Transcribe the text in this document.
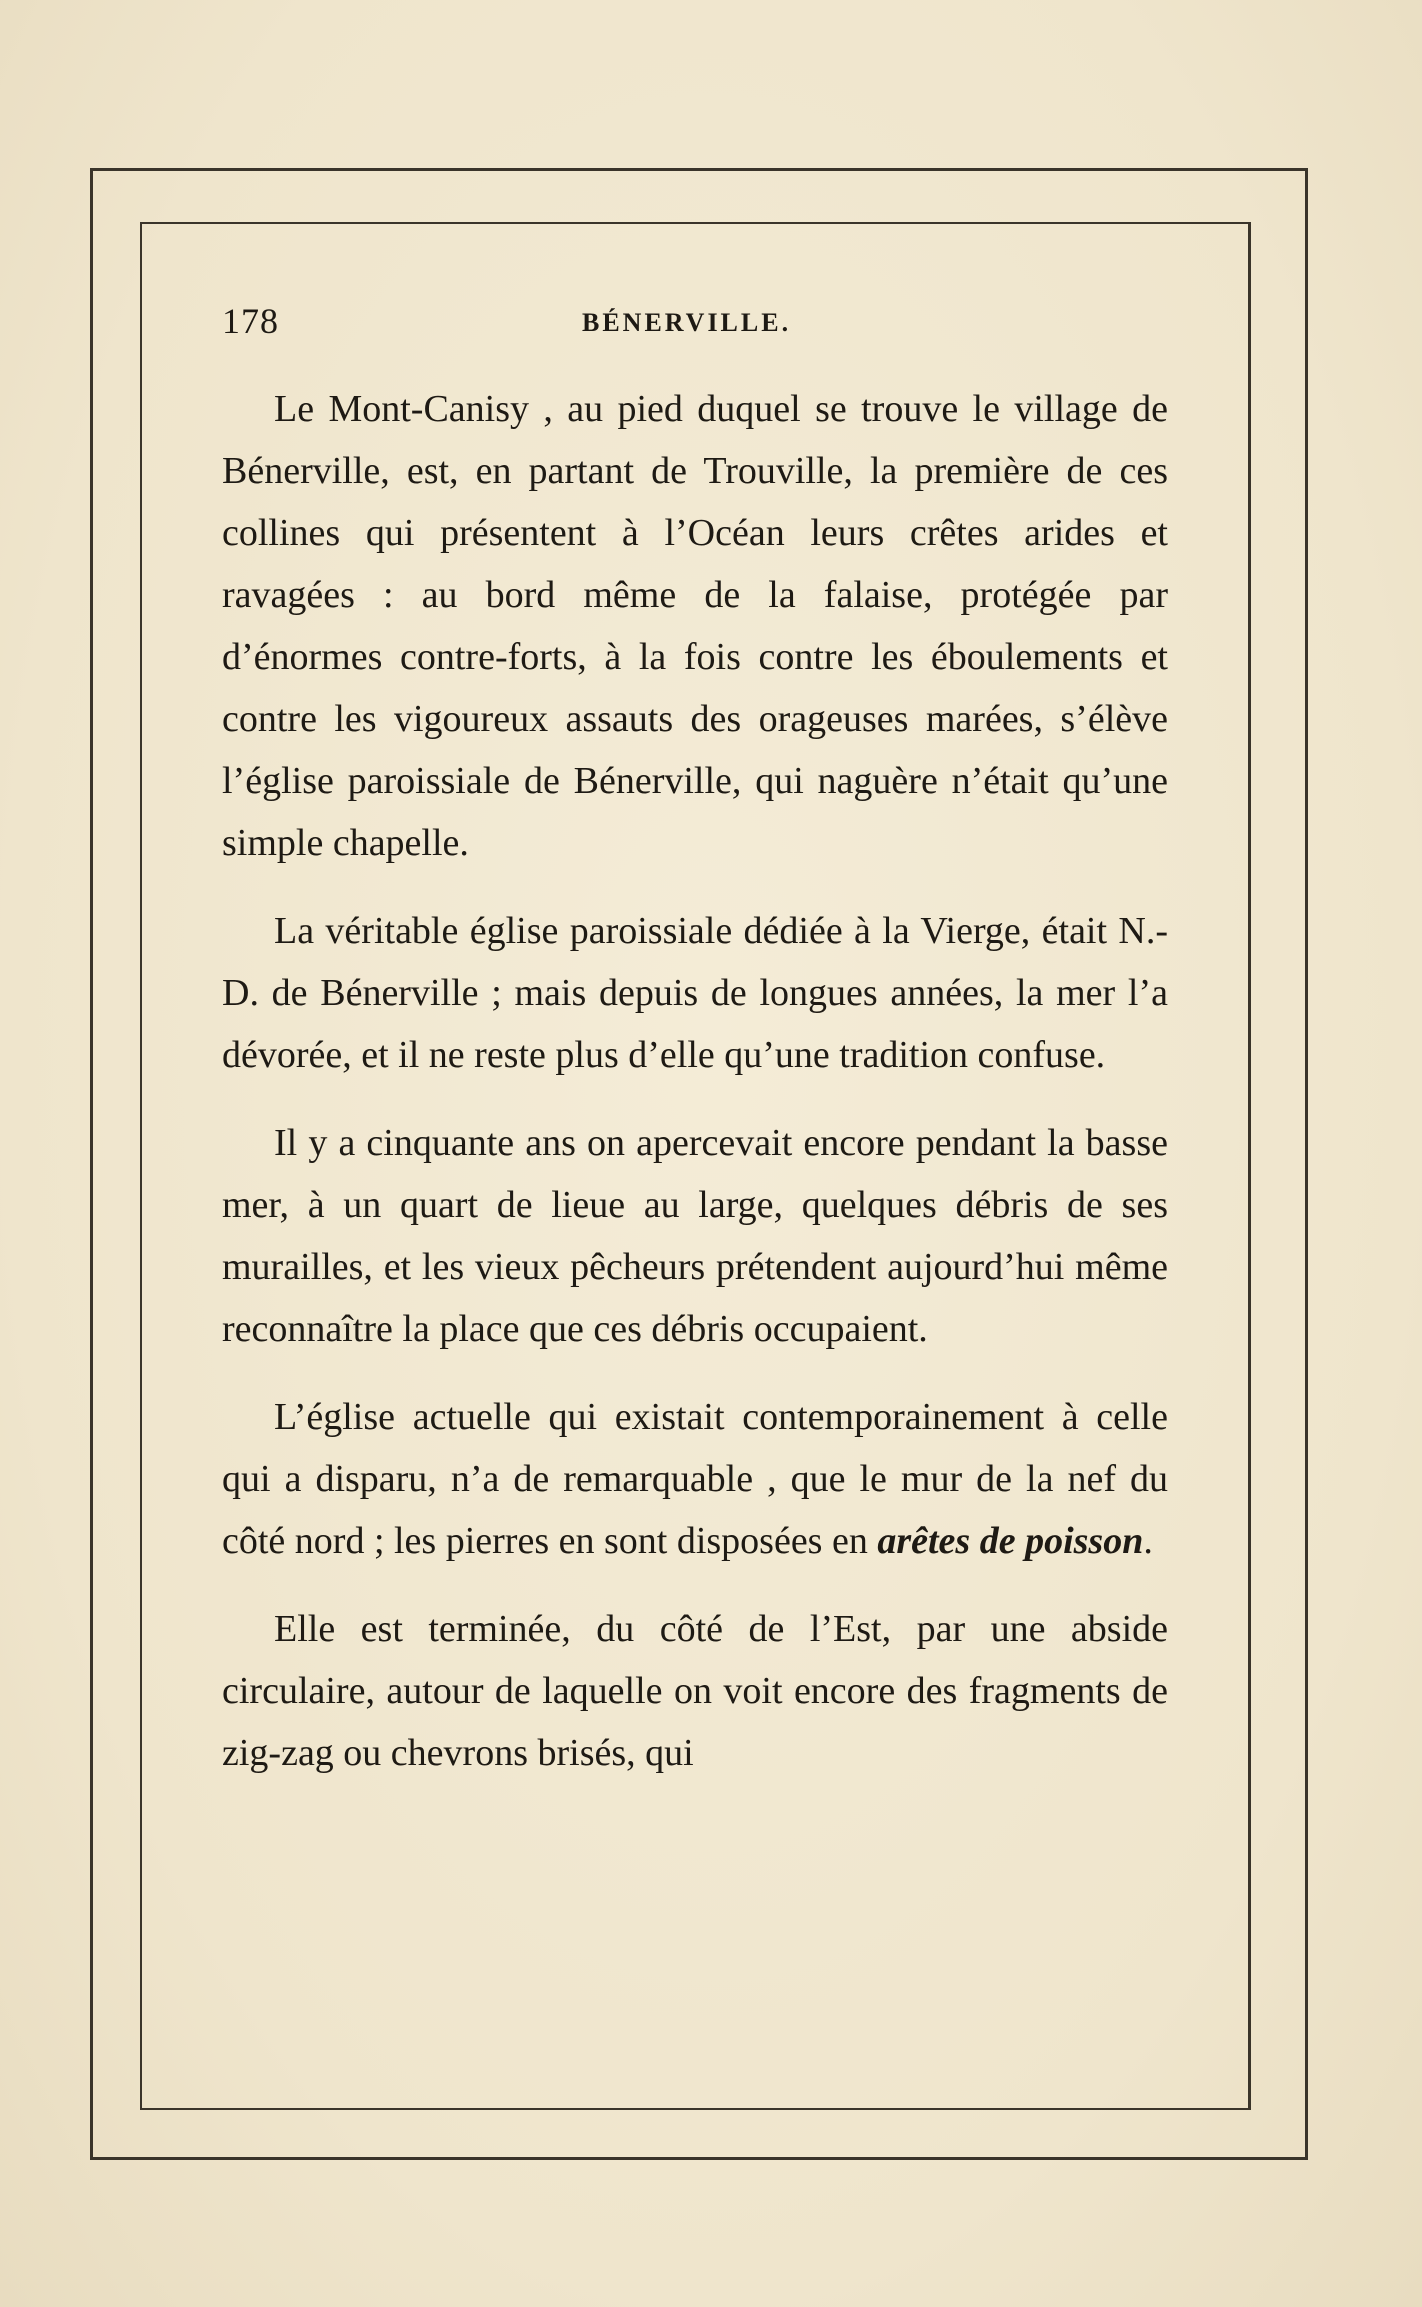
178	BÉNERVILLE.

Le Mont-Canisy , au pied duquel se trouve le village de Bénerville, est, en partant de Trouville, la première de ces collines qui présentent à l’Océan leurs crêtes arides et ravagées : au bord même de la falaise, protégée par d’énormes contre-forts, à la fois contre les éboulements et contre les vigoureux assauts des orageuses marées, s’élève l’église paroissiale de Bénerville, qui naguère n’était qu’une simple chapelle.

La véritable église paroissiale dédiée à la Vierge, était N.-D. de Bénerville ; mais depuis de longues années, la mer l’a dévorée, et il ne reste plus d’elle qu’une tradition confuse.

Il y a cinquante ans on apercevait encore pendant la basse mer, à un quart de lieue au large, quelques débris de ses murailles, et les vieux pêcheurs prétendent aujourd’hui même reconnaître la place que ces débris occupaient.

L’église actuelle qui existait contemporainement à celle qui a disparu, n’a de remarquable , que le mur de la nef du côté nord ; les pierres en sont disposées en arêtes de poisson.

Elle est terminée, du côté de l’Est, par une abside circulaire, autour de laquelle on voit encore des fragments de zig-zag ou chevrons brisés, qui
